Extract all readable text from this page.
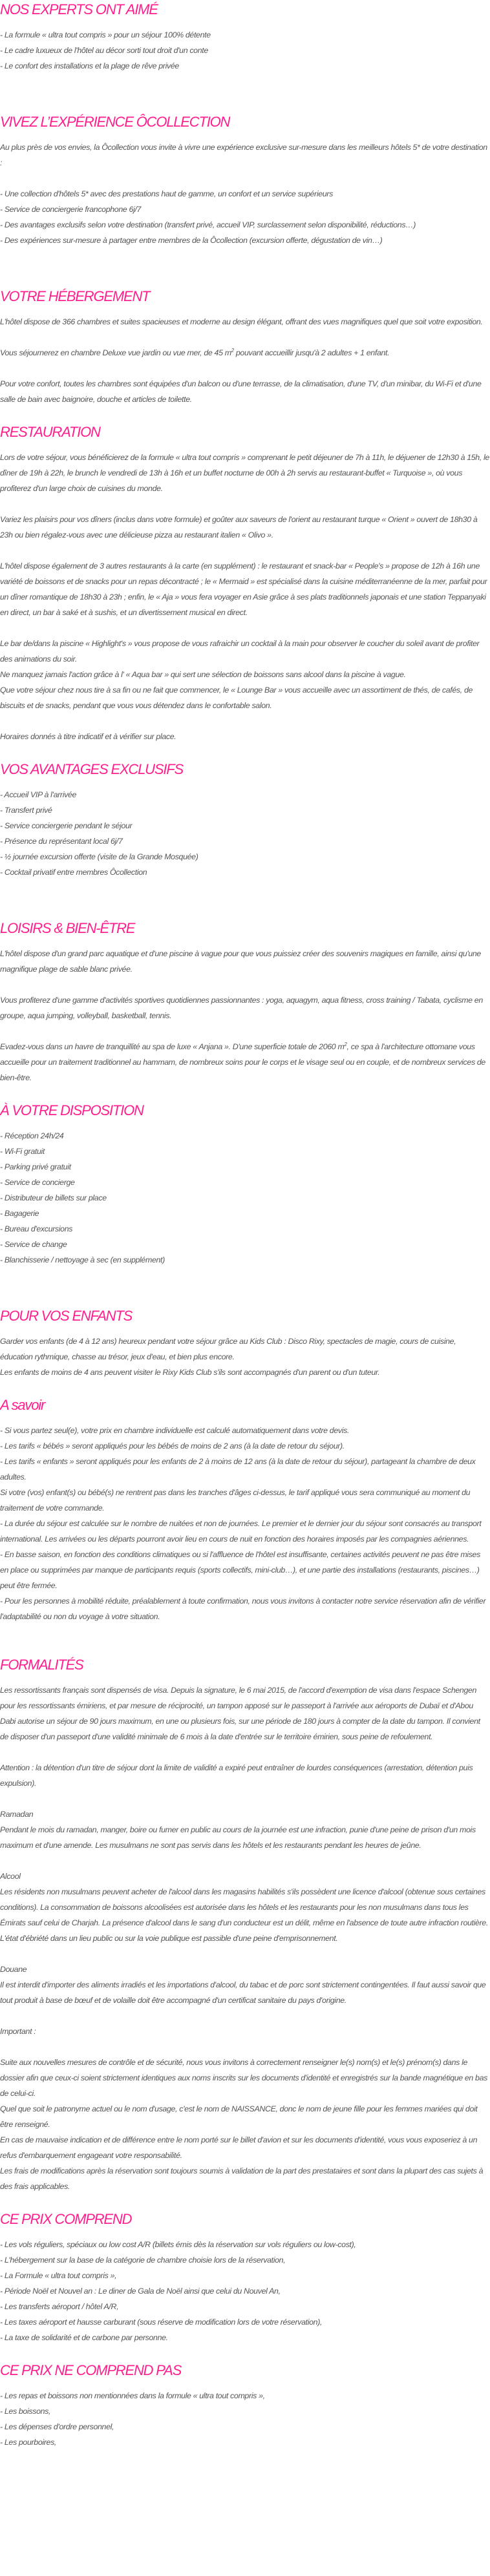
NOS EXPERTS ONT AIMÉ
- La formule « ultra tout compris » pour un séjour 100% détente
- Le cadre luxueux de l'hôtel au décor sorti tout droit d'un conte
- Le confort des installations et la plage de rêve privée
VIVEZ L’EXPÉRIENCE ÔCOLLECTION

Au plus près de vos envies, la Ôcollection vous invite à vivre une expérience exclusive sur-mesure dans les meilleurs hôtels 5* de votre destination :

- Une collection d'hôtels 5* avec des prestations haut de gamme, un confort et un service supérieurs
- Service de conciergerie francophone 6j/7
- Des avantages exclusifs selon votre destination (transfert privé, accueil VIP, surclassement selon disponibilité, réductions…)
- Des expériences sur-mesure à partager entre membres de la Ôcollection (excursion offerte, dégustation de vin…)
VOTRE HÉBERGEMENT

L'hôtel dispose de 366 chambres et suites spacieuses et moderne au design élégant, offrant des vues magnifiques quel que soit votre exposition.

Vous séjournerez en chambre Deluxe vue jardin ou vue mer, de 45 $m^2$ pouvant accueillir jusqu'à 2 adultes + 1 enfant.

Pour votre confort, toutes les chambres sont équipées d'un balcon ou d'une terrasse, de la climatisation, d'une TV, d'un minibar, du Wi-Fi et d'une salle de bain avec baignoire, douche et articles de toilette.

RESTAURATION

Lors de votre séjour, vous bénéficierez de la formule « ultra tout compris » comprenant le petit déjeuner de 7h à 11h, le déjuener de 12h30 à 15h, le dîner de 19h à 22h, le brunch le vendredi de 13h à 16h et un buffet nocturne de 00h à 2h servis au restaurant-buffet « Turquoise », où vous profiterez d'un large choix de cuisines du monde.

Variez les plaisirs pour vos dîners (inclus dans votre formule) et goûter aux saveurs de l'orient au restaurant turque « Orient » ouvert de 18h30 à 23h ou bien régalez-vous avec une délicieuse pizza au restaurant italien « Olivo ».

L'hôtel dispose également de 3 autres restaurants à la carte (en supplément) : le restaurant et snack-bar « People's » propose de 12h à 16h une variété de boissons et de snacks pour un repas décontracté ; le « Mermaid » est spécialisé dans la cuisine méditerranéenne de la mer, parfait pour un dîner romantique de 18h30 à 23h ; enfin, le « Aja » vous fera voyager en Asie grâce à ses plats traditionnels japonais et une station Teppanyaki en direct, un bar à saké et à sushis, et un divertissement musical en direct.

Le bar de/dans la piscine « Highlight's » vous propose de vous rafraichir un cocktail à la main pour observer le coucher du soleil avant de profiter des animations du soir.

Ne manquez jamais l'action grâce à l' « Aqua bar » qui sert une sélection de boissons sans alcool dans la piscine à vague.

Que votre séjour chez nous tire à sa fin ou ne fait que commencer, le « Lounge Bar » vous accueille avec un assortiment de thés, de cafés, de biscuits et de snacks, pendant que vous vous détendez dans le confortable salon.

Horaires donnés à titre indicatif et à vérifier sur place.

VOS AVANTAGES EXCLUSIFS
- Accueil VIP à l'arrivée
- Transfert privé
- Service conciergerie pendant le séjour
- Présence du représentant local 6j/7
- ½ journée excursion offerte (visite de la Grande Mosquée)
- Cocktail privatif entre membres Ôcollection
LOISIRS & BIEN-ÊTRE

L'hôtel dispose d'un grand parc aquatique et d'une piscine à vague pour que vous puissiez créer des souvenirs magiques en famille, ainsi qu'une magnifique plage de sable blanc privée.

Vous profiterez d'une gamme d'activités sportives quotidiennes passionnantes : yoga, aquagym, aqua fitness, cross training / Tabata, cyclisme en groupe, aqua jumping, volleyball, basketball, tennis.

Evadez-vous dans un havre de tranquillité au spa de luxe « Anjana ». D'une superficie totale de 2060 $m^2$, ce spa à l'architecture ottomane vous accueille pour un traitement traditionnel au hammam, de nombreux soins pour le corps et le visage seul ou en couple, et de nombreux services de bien-être.

À VOTRE DISPOSITION
- Réception 24h/24
- Wi-Fi gratuit
- Parking privé gratuit
- Service de concierge
- Distributeur de billets sur place
- Bagagerie
- Bureau d'excursions
- Service de change
- Blanchisserie / nettoyage à sec (en supplément)
POUR VOS ENFANTS

Garder vos enfants (de 4 à 12 ans) heureux pendant votre séjour grâce au Kids Club : Disco Rixy, spectacles de magie, cours de cuisine, éducation rythmique, chasse au trésor, jeux d'eau, et bien plus encore.

Les enfants de moins de 4 ans peuvent visiter le Rixy Kids Club s'ils sont accompagnés d'un parent ou d'un tuteur.

A savoir

- Si vous partez seul(e), votre prix en chambre individuelle est calculé automatiquement dans votre devis.

- Les tarifs « bébés » seront appliqués pour les bébés de moins de 2 ans (à la date de retour du séjour).

- Les tarifs « enfants » seront appliqués pour les enfants de 2 à moins de 12 ans (à la date de retour du séjour), partageant la chambre de deux adultes.

Si votre (vos) enfant(s) ou bébé(s) ne rentrent pas dans les tranches d'âges ci-dessus, le tarif appliqué vous sera communiqué au moment du traitement de votre commande.

- La durée du séjour est calculée sur le nombre de nuitées et non de journées. Le premier et le dernier jour du séjour sont consacrés au transport international. Les arrivées ou les départs pourront avoir lieu en cours de nuit en fonction des horaires imposés par les compagnies aériennes.

- En basse saison, en fonction des conditions climatiques ou si l'affluence de l'hôtel est insuffisante, certaines activités peuvent ne pas être mises en place ou supprimées par manque de participants requis (sports collectifs, mini-club…), et une partie des installations (restaurants, piscines…) peut être fermée.

- Pour les personnes à mobilité réduite, préalablement à toute confirmation, nous vous invitons à contacter notre service réservation afin de vérifier l'adaptabilité ou non du voyage à votre situation.

FORMALITÉS

Les ressortissants français sont dispensés de visa. Depuis la signature, le 6 mai 2015, de l'accord d'exemption de visa dans l'espace Schengen pour les ressortissants émiriens, et par mesure de réciprocité, un tampon apposé sur le passeport à l'arrivée aux aéroports de Dubaï et d'Abou Dabi autorise un séjour de 90 jours maximum, en une ou plusieurs fois, sur une période de 180 jours à compter de la date du tampon. Il convient de disposer d'un passeport d'une validité minimale de 6 mois à la date d'entrée sur le territoire émirien, sous peine de refoulement.

Attention : la détention d'un titre de séjour dont la limite de validité a expiré peut entraîner de lourdes conséquences (arrestation, détention puis expulsion).

Ramadan

Pendant le mois du ramadan, manger, boire ou fumer en public au cours de la journée est une infraction, punie d'une peine de prison d'un mois maximum et d'une amende. Les musulmans ne sont pas servis dans les hôtels et les restaurants pendant les heures de jeûne.

Alcool

Les résidents non musulmans peuvent acheter de l'alcool dans les magasins habilités s'ils possèdent une licence d'alcool (obtenue sous certaines conditions). La consommation de boissons alcoolisées est autorisée dans les hôtels et les restaurants pour les non musulmans dans tous les Émirats sauf celui de Charjah. La présence d'alcool dans le sang d'un conducteur est un délit, même en l'absence de toute autre infraction routière. L'état d'ébriété dans un lieu public ou sur la voie publique est passible d'une peine d'emprisonnement.

Douane

Il est interdit d'importer des aliments irradiés et les importations d'alcool, du tabac et de porc sont strictement contingentées. Il faut aussi savoir que tout produit à base de bœuf et de volaille doit être accompagné d'un certificat sanitaire du pays d'origine.

Important :

Suite aux nouvelles mesures de contrôle et de sécurité, nous vous invitons à correctement renseigner le(s) nom(s) et le(s) prénom(s) dans le dossier afin que ceux-ci soient strictement identiques aux noms inscrits sur les documents d'identité et enregistrés sur la bande magnétique en bas de celui-ci.

Quel que soit le patronyme actuel ou le nom d'usage, c'est le nom de NAISSANCE, donc le nom de jeune fille pour les femmes mariées qui doit être renseigné.

En cas de mauvaise indication et de différence entre le nom porté sur le billet d'avion et sur les documents d'identité, vous vous exposeriez à un refus d'embarquement engageant votre responsabilité.

Les frais de modifications après la réservation sont toujours soumis à validation de la part des prestataires et sont dans la plupart des cas sujets à des frais applicables.

CE PRIX COMPREND
- Les vols réguliers, spéciaux ou low cost A/R (billets émis dès la réservation sur vols réguliers ou low-cost),
- L'hébergement sur la base de la catégorie de chambre choisie lors de la réservation,
- La Formule « ultra tout compris »,
- Période Noël et Nouvel an : Le diner de Gala de Noël ainsi que celui du Nouvel An,
- Les transferts aéroport / hôtel A/R,
- Les taxes aéroport et hausse carburant (sous réserve de modification lors de votre réservation),
- La taxe de solidarité et de carbone par personne.
CE PRIX NE COMPREND PAS
- Les repas et boissons non mentionnées dans la formule « ultra tout compris »,
- Les boissons,
- Les dépenses d'ordre personnel,
- Les pourboires,
